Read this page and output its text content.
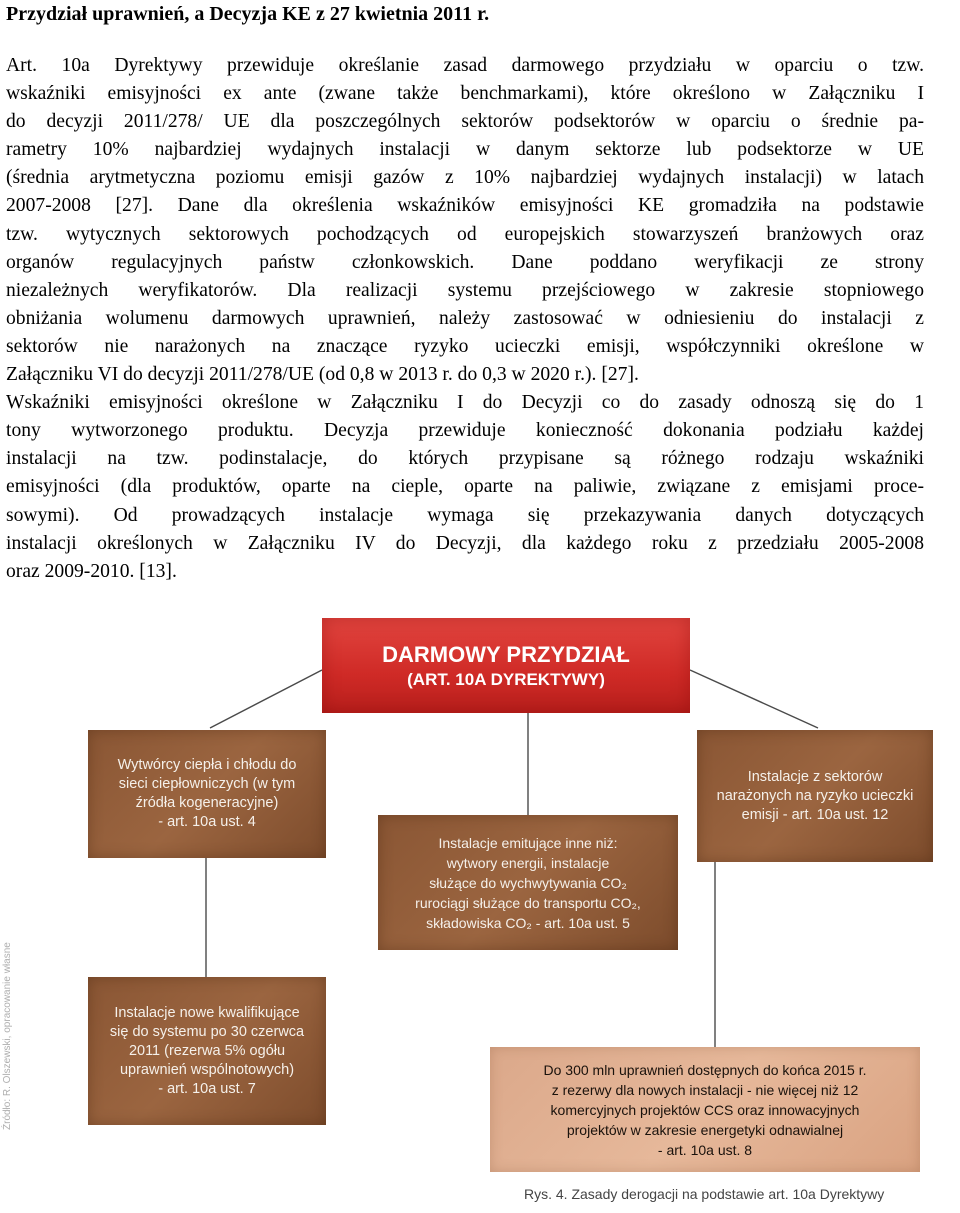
Przydział uprawnień, a Decyzja KE z 27 kwietnia 2011 r.
Art. 10a Dyrektywy przewiduje określanie zasad darmowego przydziału w oparciu o tzw.
wskaźniki emisyjności ex ante (zwane także benchmarkami), które określono w Załączniku I
do decyzji 2011/278/ UE dla poszczególnych sektorów podsektorów w oparciu o średnie pa-
rametry 10% najbardziej wydajnych instalacji w danym sektorze lub podsektorze w UE
(średnia arytmetyczna poziomu emisji gazów z 10% najbardziej wydajnych instalacji) w latach
2007-2008 [27]. Dane dla określenia wskaźników emisyjności KE gromadziła na podstawie
tzw. wytycznych sektorowych pochodzących od europejskich stowarzyszeń branżowych oraz
organów regulacyjnych państw członkowskich. Dane poddano weryfikacji ze strony
niezależnych weryfikatorów. Dla realizacji systemu przejściowego w zakresie stopniowego
obniżania wolumenu darmowych uprawnień, należy zastosować w odniesieniu do instalacji z
sektorów nie narażonych na znaczące ryzyko ucieczki emisji, współczynniki określone w
Załączniku VI do decyzji 2011/278/UE (od 0,8 w 2013 r. do 0,3 w 2020 r.). [27].
Wskaźniki emisyjności określone w Załączniku I do Decyzji co do zasady odnoszą się do 1
tony wytworzonego produktu. Decyzja przewiduje konieczność dokonania podziału każdej
instalacji na tzw. podinstalacje, do których przypisane są różnego rodzaju wskaźniki
emisyjności (dla produktów, oparte na cieple, oparte na paliwie, związane z emisjami proce-
sowymi). Od prowadzących instalacje wymaga się przekazywania danych dotyczących
instalacji określonych w Załączniku IV do Decyzji, dla każdego roku z przedziału 2005-2008
oraz 2009-2010. [13].
DARMOWY PRZYDZIAŁ
(ART. 10A DYREKTYWY)
Wytwórcy ciepła i chłodu do
sieci ciepłowniczych (w tym
źródła kogeneracyjne)
- art. 10a ust. 4
Instalacje emitujące inne niż:
wytwory energii, instalacje
służące do wychwytywania CO₂
rurociągi służące do transportu CO₂,
składowiska CO₂ - art. 10a ust. 5
Instalacje z sektorów
narażonych na ryzyko ucieczki
emisji - art. 10a ust. 12
Instalacje nowe kwalifikujące
się do systemu po 30 czerwca
2011 (rezerwa 5% ogółu
uprawnień wspólnotowych)
- art. 10a ust. 7
Do 300 mln uprawnień dostępnych do końca 2015 r.
z rezerwy dla nowych instalacji - nie więcej niż 12
komercyjnych projektów CCS oraz innowacyjnych
projektów w zakresie energetyki odnawialnej
- art. 10a ust. 8
Źródło: R. Olszewski, opracowanie własne
Rys. 4. Zasady derogacji na podstawie art. 10a Dyrektywy
